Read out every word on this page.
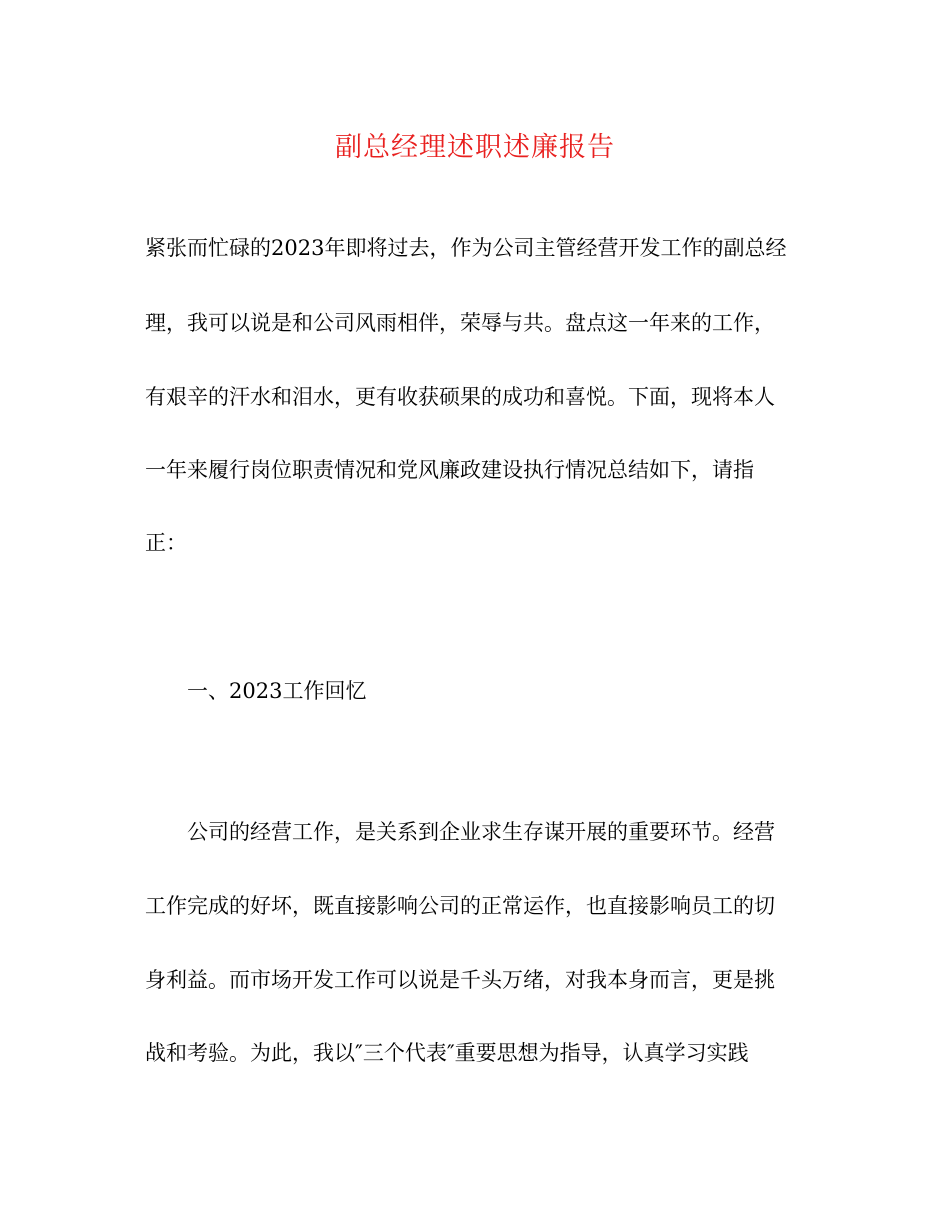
副总经理述职述廉报告

紧张而忙碌的2023年即将过去，作为公司主管经营开发工作的副总经

理，我可以说是和公司风雨相伴，荣辱与共。盘点这一年来的工作，

有艰辛的汗水和泪水，更有收获硕果的成功和喜悦。下面，现将本人

一年来履行岗位职责情况和党风廉政建设执行情况总结如下，请指

正：

一、2023工作回忆

公司的经营工作，是关系到企业求生存谋开展的重要环节。经营

工作完成的好坏，既直接影响公司的正常运作，也直接影响员工的切

身利益。而市场开发工作可以说是千头万绪，对我本身而言，更是挑

战和考验。为此，我以″三个代表″重要思想为指导，认真学习实践
